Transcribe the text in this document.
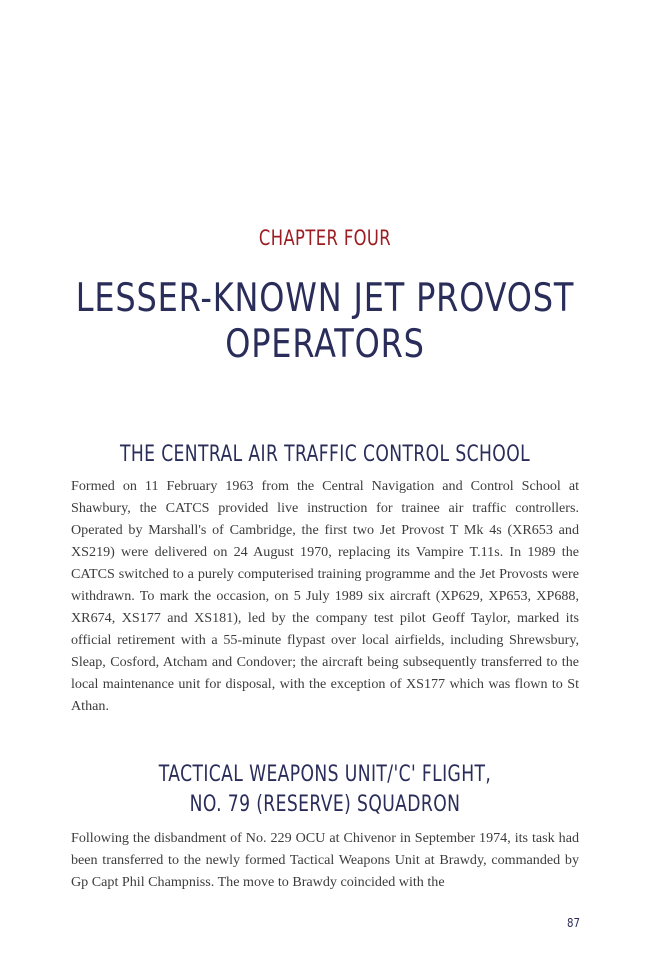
CHAPTER FOUR
LESSER-KNOWN JET PROVOST
OPERATORS
THE CENTRAL AIR TRAFFIC CONTROL SCHOOL

Formed on 11 February 1963 from the Central Navigation and Control School at Shawbury, the CATCS provided live instruction for trainee air traffic controllers. Operated by Marshall's of Cambridge, the first two Jet Provost T Mk 4s (XR653 and XS219) were delivered on 24 August 1970, replacing its Vampire T.11s. In 1989 the CATCS switched to a purely computerised training programme and the Jet Provosts were withdrawn. To mark the occasion, on 5 July 1989 six aircraft (XP629, XP653, XP688, XR674, XS177 and XS181), led by the company test pilot Geoff Taylor, marked its official retirement with a 55-minute flypast over local airfields, including Shrewsbury, Sleap, Cosford, Atcham and Condover; the aircraft being subsequently transferred to the local maintenance unit for disposal, with the exception of XS177 which was flown to St Athan.

TACTICAL WEAPONS UNIT/'C' FLIGHT,
NO. 79 (RESERVE) SQUADRON

Following the disbandment of No. 229 OCU at Chivenor in September 1974, its task had been transferred to the newly formed Tactical Weapons Unit at Brawdy, commanded by Gp Capt Phil Champniss. The move to Brawdy coincided with the

87
